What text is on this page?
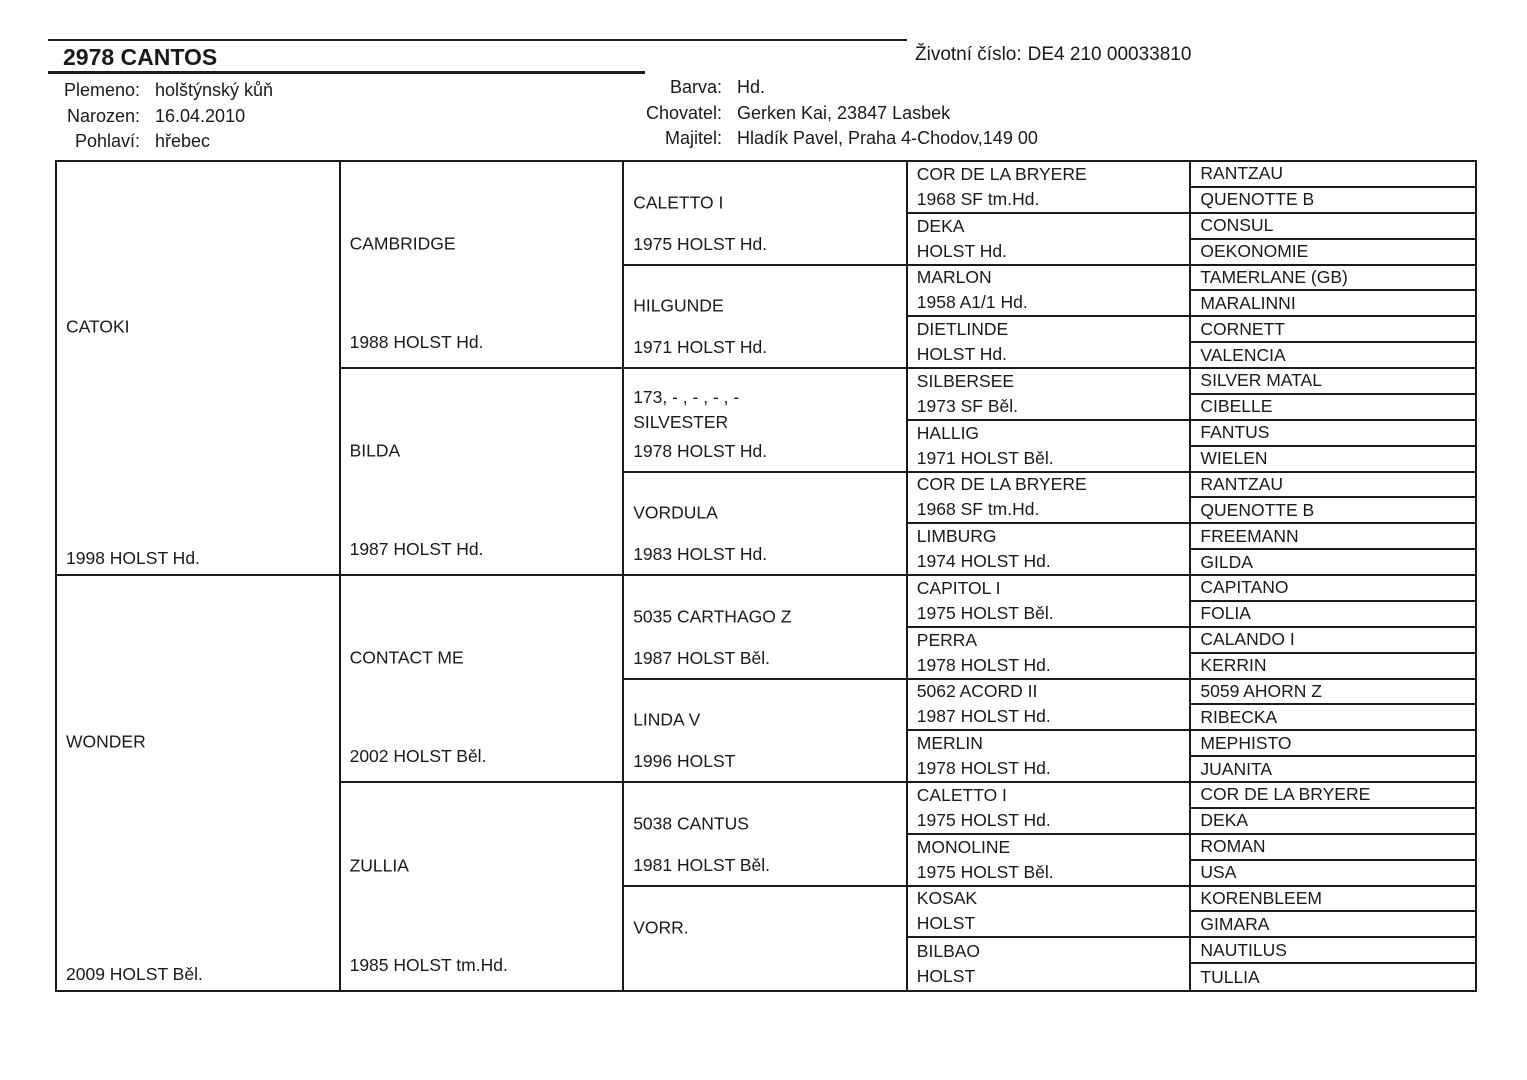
2978 CANTOS	Životní číslo: DE4 210 00033810
Plemeno: holštýnský kůň
Narozen: 16.04.2010
Pohlaví: hřebec
Barva: Hd.
Chovatel: Gerken Kai, 23847 Lasbek
Majitel: Hladík Pavel, Praha 4-Chodov,149 00
CATOKI
1998 HOLST Hd.
WONDER
2009 HOLST Běl.
CAMBRIDGE
1988 HOLST Hd.
BILDA
1987 HOLST Hd.
CONTACT ME
2002 HOLST Běl.
ZULLIA
1985 HOLST tm.Hd.
CALETTO I
1975 HOLST Hd.
HILGUNDE
1971 HOLST Hd.
173, - , - , - , -
SILVESTER
1978 HOLST Hd.
VORDULA
1983 HOLST Hd.
5035 CARTHAGO Z
1987 HOLST Běl.
LINDA V
1996 HOLST
5038 CANTUS
1981 HOLST Běl.
VORR.
COR DE LA BRYERE
1968 SF tm.Hd.
DEKA
HOLST Hd.
MARLON
1958 A1/1 Hd.
DIETLINDE
HOLST Hd.
SILBERSEE
1973 SF Běl.
HALLIG
1971 HOLST Běl.
COR DE LA BRYERE
1968 SF tm.Hd.
LIMBURG
1974 HOLST Hd.
CAPITOL I
1975 HOLST Běl.
PERRA
1978 HOLST Hd.
5062 ACORD II
1987 HOLST Hd.
MERLIN
1978 HOLST Hd.
CALETTO I
1975 HOLST Hd.
MONOLINE
1975 HOLST Běl.
KOSAK
HOLST
BILBAO
HOLST
RANTZAU
QUENOTTE B
CONSUL
OEKONOMIE
TAMERLANE (GB)
MARALINNI
CORNETT
VALENCIA
SILVER MATAL
CIBELLE
FANTUS
WIELEN
RANTZAU
QUENOTTE B
FREEMANN
GILDA
CAPITANO
FOLIA
CALANDO I
KERRIN
5059 AHORN Z
RIBECKA
MEPHISTO
JUANITA
COR DE LA BRYERE
DEKA
ROMAN
USA
KORENBLEEM
GIMARA
NAUTILUS
TULLIA
